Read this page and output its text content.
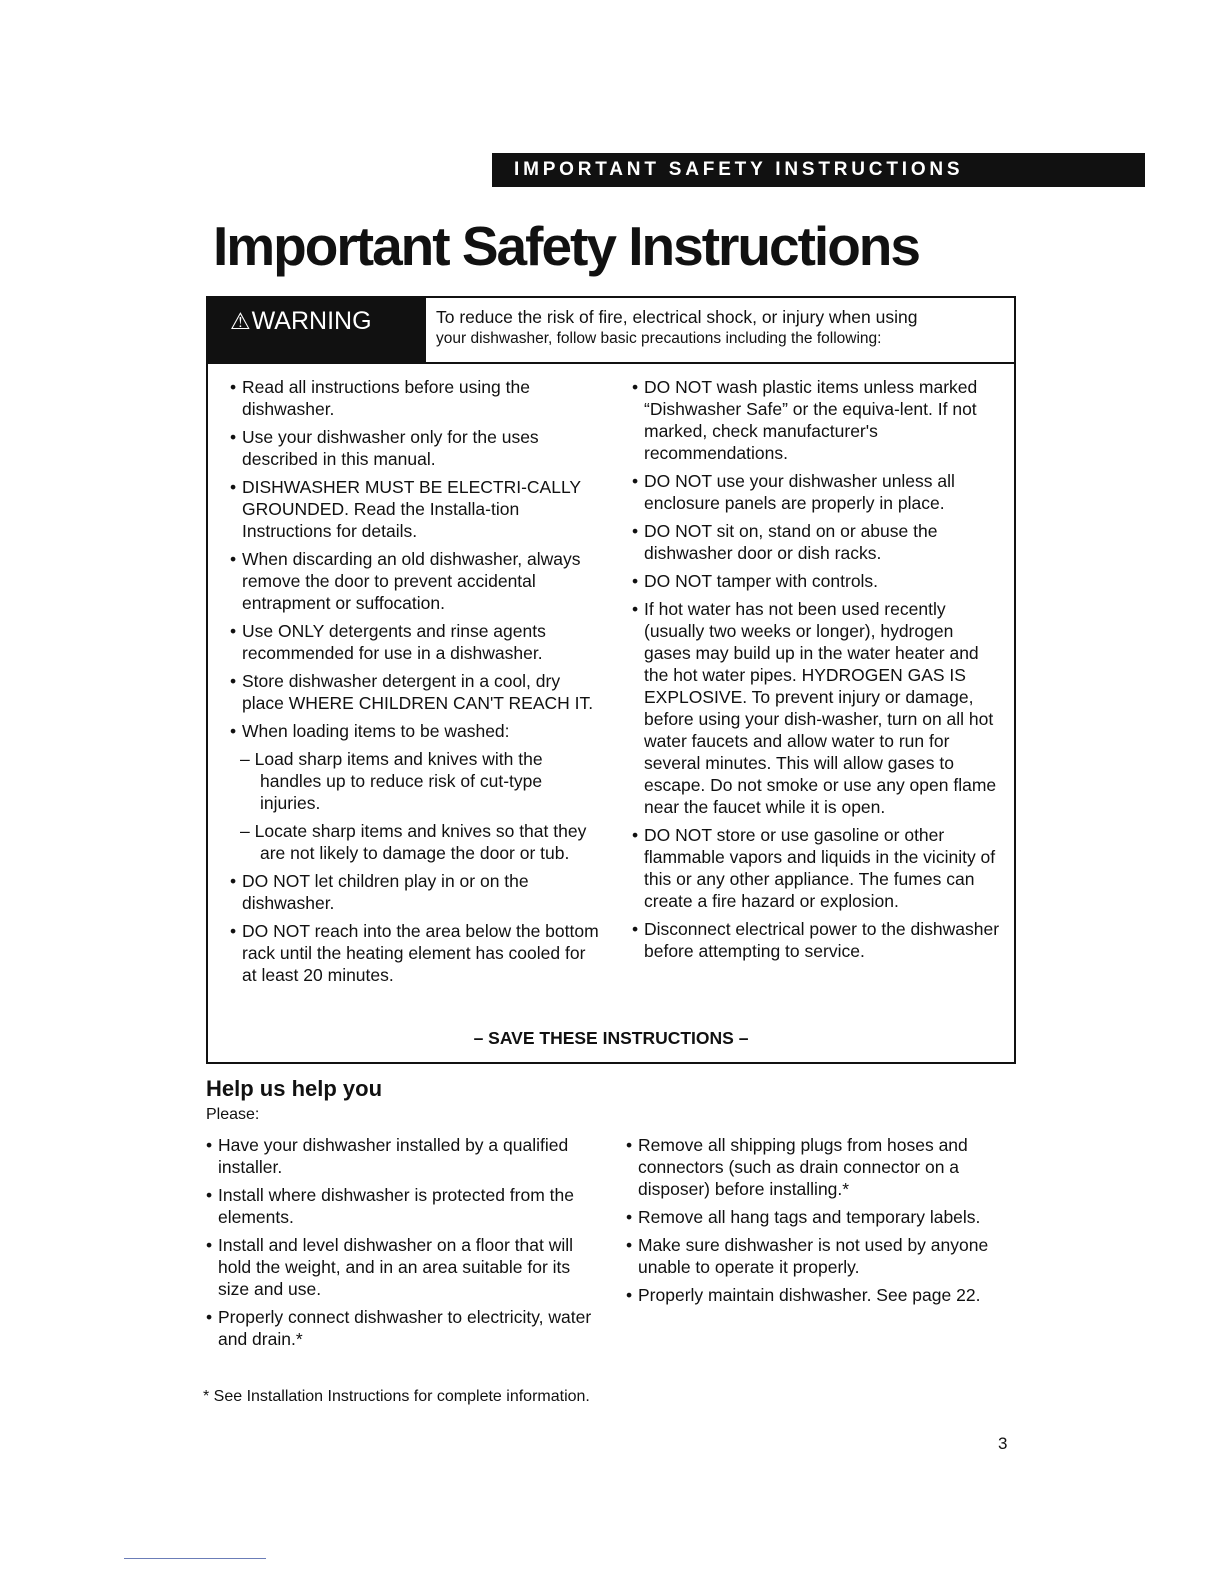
IMPORTANT SAFETY INSTRUCTIONS
Important Safety Instructions
⚠WARNING	To reduce the risk of fire, electrical shock, or injury when using

your dishwasher, follow basic precautions including the following:

• Read all instructions before using the dishwasher.

• Use your dishwasher only for the uses described in this manual.

• DISHWASHER MUST BE ELECTRI-CALLY GROUNDED. Read the Installa-tion Instructions for details.

• When discarding an old dishwasher, always remove the door to prevent accidental entrapment or suffocation.

• Use ONLY detergents and rinse agents recommended for use in a dishwasher.

• Store dishwasher detergent in a cool, dry place WHERE CHILDREN CAN'T REACH IT.

• When loading items to be washed:

– Load sharp items and knives with the handles up to reduce risk of cut-type injuries.

– Locate sharp items and knives so that they are not likely to damage the door or tub.

• DO NOT let children play in or on the dishwasher.

• DO NOT reach into the area below the bottom rack until the heating element has cooled for at least 20 minutes.

• DO NOT wash plastic items unless marked “Dishwasher Safe” or the equiva-lent. If not marked, check manufacturer's recommendations.

• DO NOT use your dishwasher unless all enclosure panels are properly in place.

• DO NOT sit on, stand on or abuse the dishwasher door or dish racks.

• DO NOT tamper with controls.

• If hot water has not been used recently (usually two weeks or longer), hydrogen gases may build up in the water heater and the hot water pipes. HYDROGEN GAS IS EXPLOSIVE. To prevent injury or damage, before using your dish-washer, turn on all hot water faucets and allow water to run for several minutes. This will allow gases to escape. Do not smoke or use any open flame near the faucet while it is open.

• DO NOT store or use gasoline or other flammable vapors and liquids in the vicinity of this or any other appliance. The fumes can create a fire hazard or explosion.

• Disconnect electrical power to the dishwasher before attempting to service.

– SAVE THESE INSTRUCTIONS –

Help us help you

Please:

• Have your dishwasher installed by a qualified installer.

• Install where dishwasher is protected from the elements.

• Install and level dishwasher on a floor that will hold the weight, and in an area suitable for its size and use.

• Properly connect dishwasher to electricity, water and drain.*

• Remove all shipping plugs from hoses and connectors (such as drain connector on a disposer) before installing.*

• Remove all hang tags and temporary labels.

• Make sure dishwasher is not used by anyone unable to operate it properly.

• Properly maintain dishwasher. See page 22.

* See Installation Instructions for complete information.

3
